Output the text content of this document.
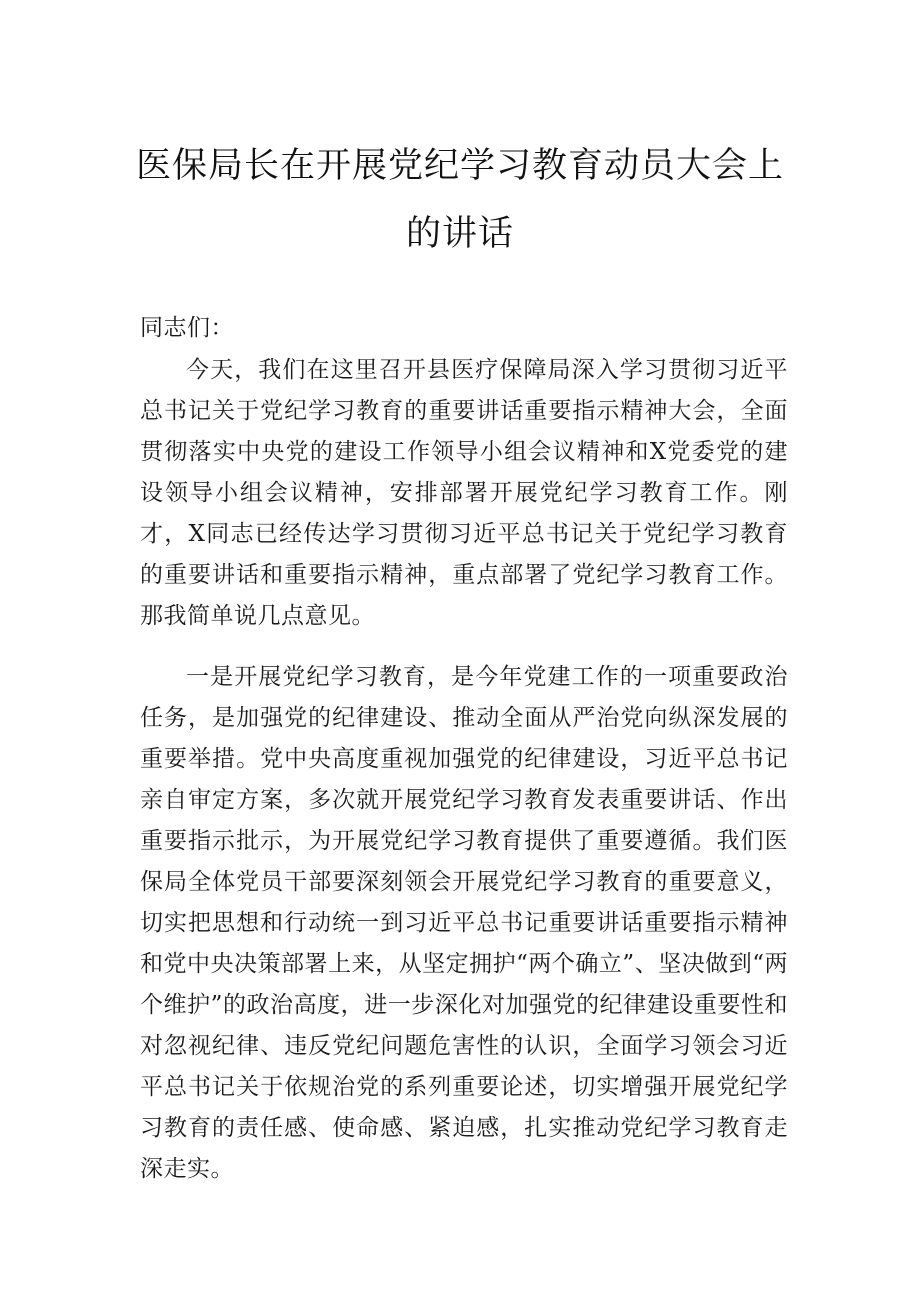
医保局长在开展党纪学习教育动员大会上
的讲话

同志们：

今天，我们在这里召开县医疗保障局深入学习贯彻习近平总书记关于党纪学习教育的重要讲话重要指示精神大会，全面贯彻落实中央党的建设工作领导小组会议精神和X党委党的建设领导小组会议精神，安排部署开展党纪学习教育工作。刚才，X同志已经传达学习贯彻习近平总书记关于党纪学习教育的重要讲话和重要指示精神，重点部署了党纪学习教育工作。那我简单说几点意见。

一是开展党纪学习教育，是今年党建工作的一项重要政治任务，是加强党的纪律建设、推动全面从严治党向纵深发展的重要举措。党中央高度重视加强党的纪律建设，习近平总书记亲自审定方案，多次就开展党纪学习教育发表重要讲话、作出重要指示批示，为开展党纪学习教育提供了重要遵循。我们医保局全体党员干部要深刻领会开展党纪学习教育的重要意义，切实把思想和行动统一到习近平总书记重要讲话重要指示精神和党中央决策部署上来，从坚定拥护“两个确立”、坚决做到“两个维护”的政治高度，进一步深化对加强党的纪律建设重要性和对忽视纪律、违反党纪问题危害性的认识，全面学习领会习近平总书记关于依规治党的系列重要论述，切实增强开展党纪学习教育的责任感、使命感、紧迫感，扎实推动党纪学习教育走深走实。
